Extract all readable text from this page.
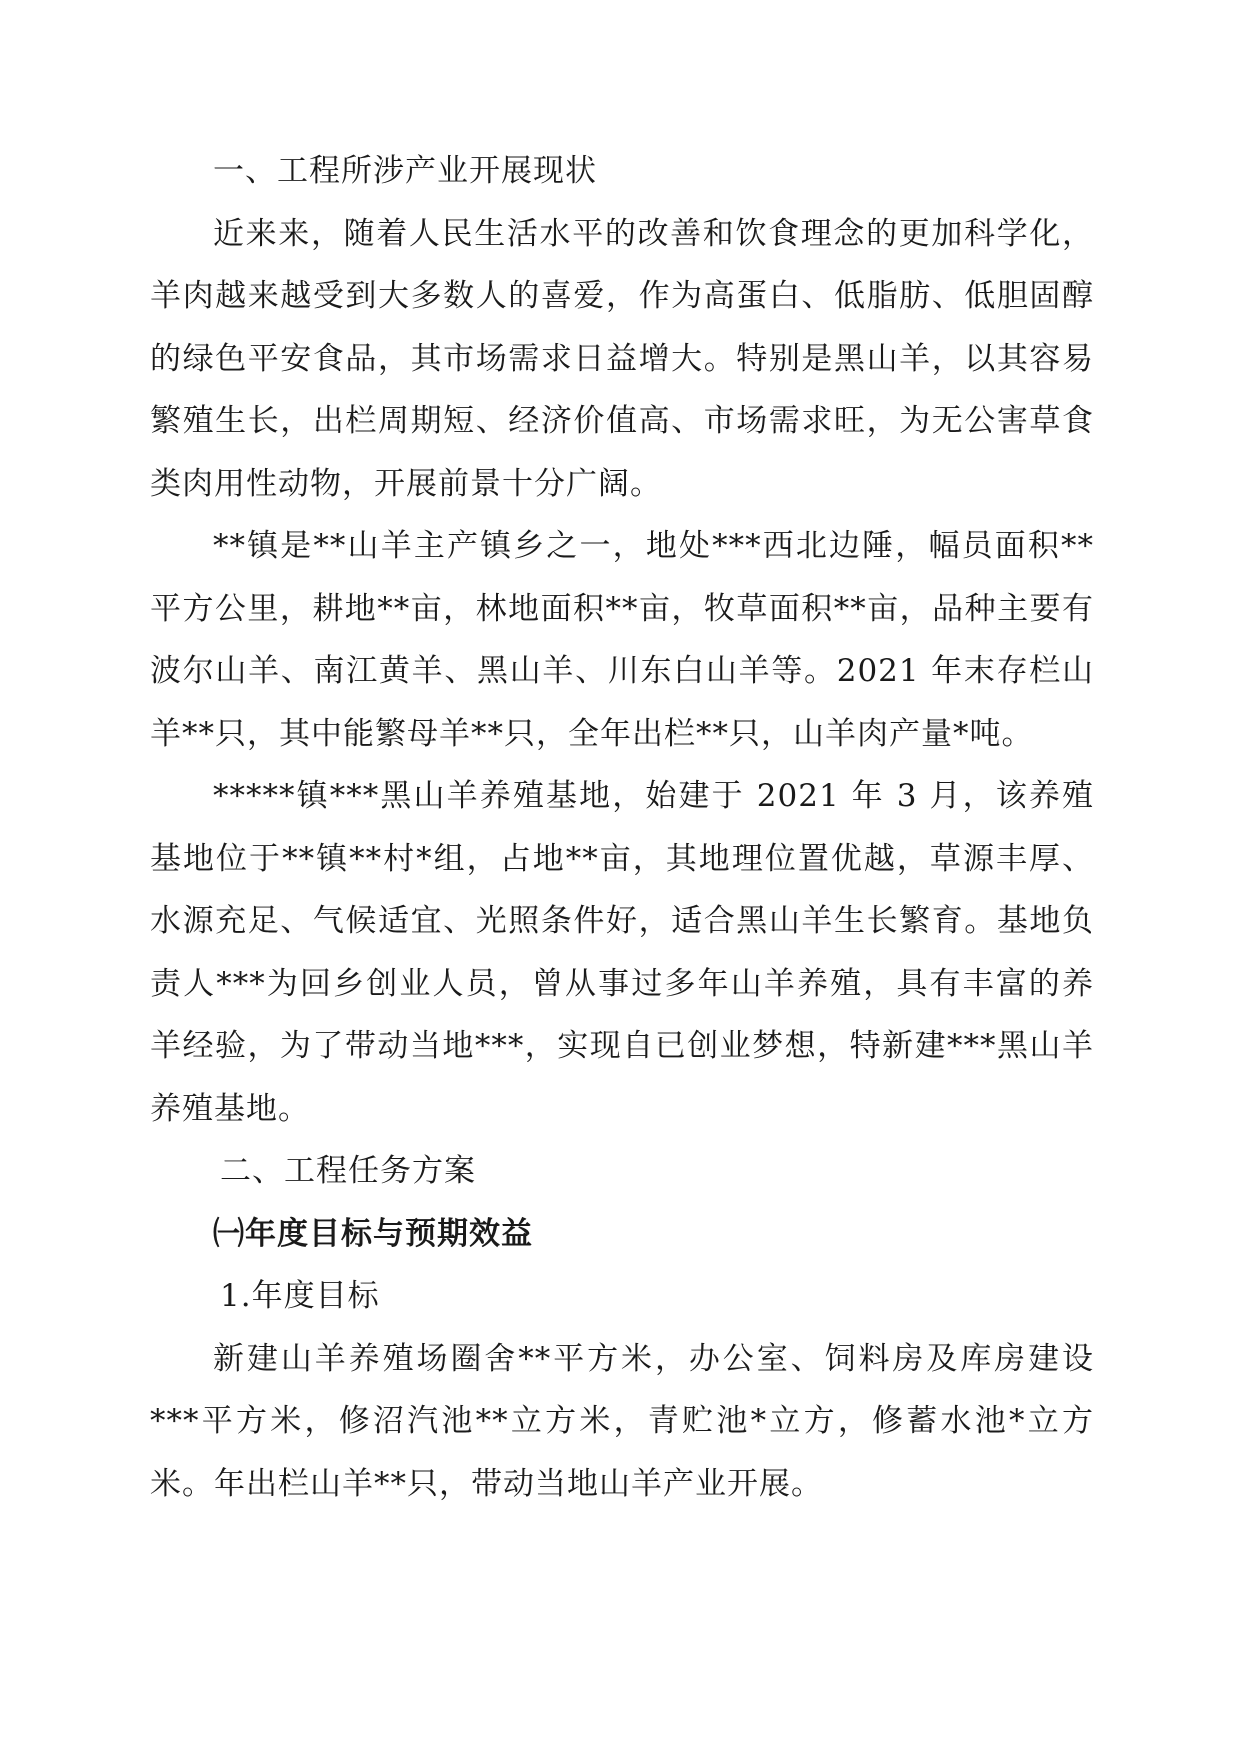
一、工程所涉产业开展现状

近来来，随着人民生活水平的改善和饮食理念的更加科学化，羊肉越来越受到大多数人的喜爱，作为高蛋白、低脂肪、低胆固醇的绿色平安食品，其市场需求日益增大。特别是黑山羊，以其容易繁殖生长，出栏周期短、经济价值高、市场需求旺，为无公害草食类肉用性动物，开展前景十分广阔。

**镇是**山羊主产镇乡之一，地处***西北边陲，幅员面积**平方公里，耕地**亩，林地面积**亩，牧草面积**亩，品种主要有波尔山羊、南江黄羊、黑山羊、川东白山羊等。2021 年末存栏山羊**只，其中能繁母羊**只，全年出栏**只，山羊肉产量*吨。

*****镇***黑山羊养殖基地，始建于 2021 年 3 月，该养殖基地位于**镇**村*组，占地**亩，其地理位置优越，草源丰厚、水源充足、气候适宜、光照条件好，适合黑山羊生长繁育。基地负责人***为回乡创业人员，曾从事过多年山羊养殖，具有丰富的养羊经验，为了带动当地***，实现自已创业梦想，特新建***黑山羊养殖基地。

二、工程任务方案

㈠年度目标与预期效益

1.年度目标

新建山羊养殖场圈舍**平方米，办公室、饲料房及库房建设***平方米，修沼汽池**立方米，青贮池*立方，修蓄水池*立方米。年出栏山羊**只，带动当地山羊产业开展。
